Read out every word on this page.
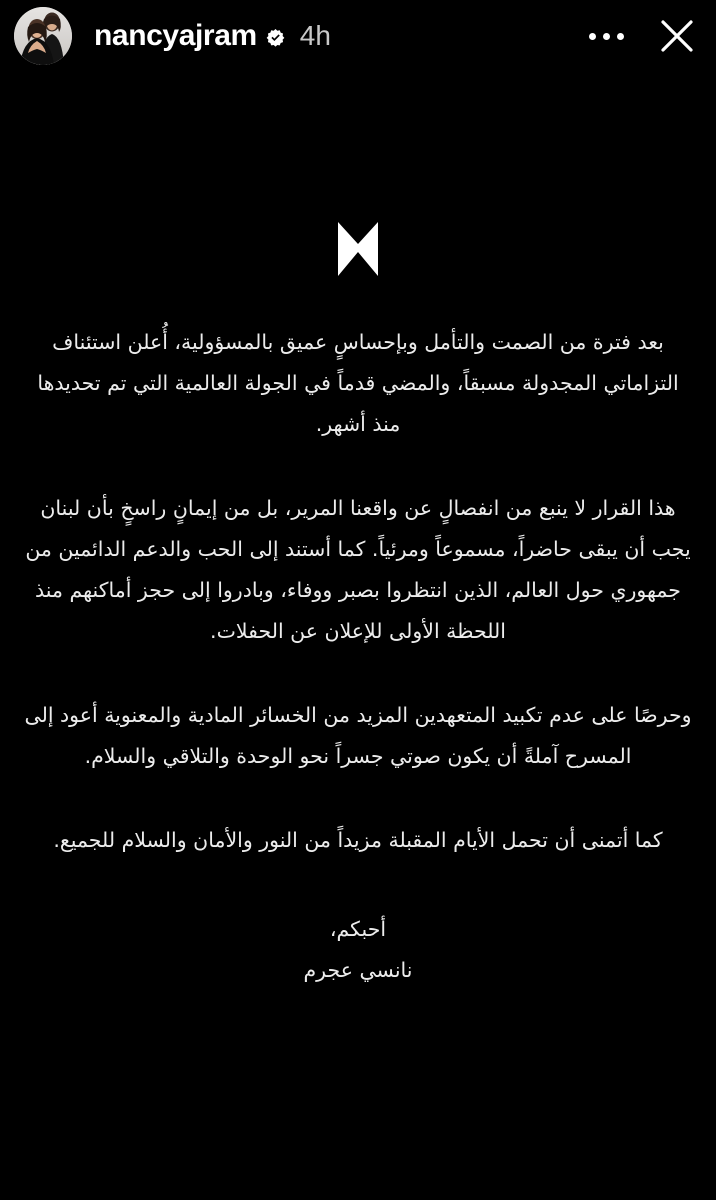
nancyajram 4h

بعد فترة من الصمت والتأمل وبإحساسٍ عميق بالمسؤولية، أُعلن استئناف التزاماتي المجدولة مسبقاً، والمضي قدماً في الجولة العالمية التي تم تحديدها منذ أشهر.

هذا القرار لا ينبع من انفصالٍ عن واقعنا المرير، بل من إيمانٍ راسخٍ بأن لبنان يجب أن يبقى حاضراً، مسموعاً ومرئياً. كما أستند إلى الحب والدعم الدائمين من جمهوري حول العالم، الذين انتظروا بصبر ووفاء، وبادروا إلى حجز أماكنهم منذ اللحظة الأولى للإعلان عن الحفلات.

وحرصًا على عدم تكبيد المتعهدين المزيد من الخسائر المادية والمعنوية أعود إلى المسرح آملةً أن يكون صوتي جسراً نحو الوحدة والتلاقي والسلام.

كما أتمنى أن تحمل الأيام المقبلة مزيداً من النور والأمان والسلام للجميع.

أحبكم،

نانسي عجرم
